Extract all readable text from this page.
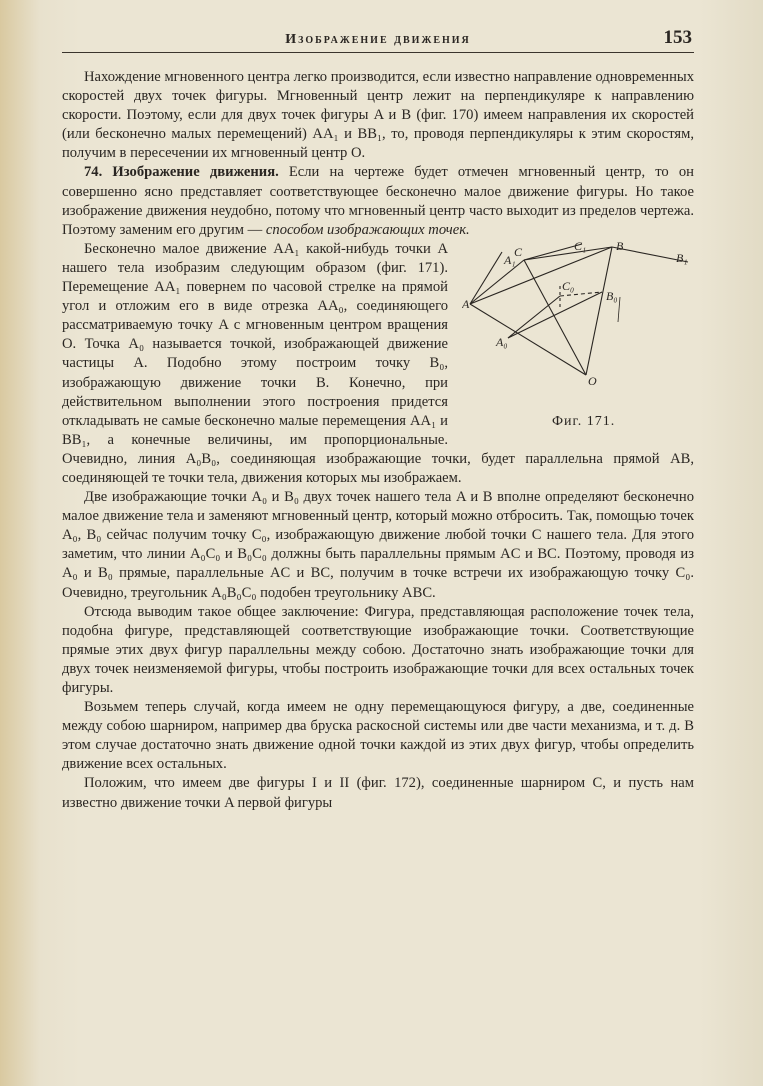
Изображение движения	153

Нахождение мгновенного центра легко производится, если известно направление одновременных скоростей двух точек фигуры. Мгновенный центр лежит на перпендикуляре к направлению скорости. Поэтому, если для двух точек фигуры A и B (фиг. 170) имеем направления их скоростей (или бесконечно малых перемещений) AA₁ и BB₁, то, проводя перпендикуляры к этим скоростям, получим в пересечении их мгновенный центр O.

74. Изображение движения. Если на чертеже будет отмечен мгновенный центр, то он совершенно ясно представляет соответствующее бесконечно малое движение фигуры. Но такое изображение движения неудобно, потому что мгновенный центр часто выходит из пределов чертежа. Поэтому заменим его другим — способом изображающих точек.

A
A₁
A₀
B
B₁
B₀
C	C₁
C₀
O
Фиг. 171.

Бесконечно малое движение AA₁ какой-нибудь точки A нашего тела изобразим следующим образом (фиг. 171). Перемещение AA₁ повернем по часовой стрелке на прямой угол и отложим его в виде отрезка AA₀, соединяющего рассматриваемую точку A с мгновенным центром вращения O. Точка A₀ называется точкой, изображающей движение частицы A. Подобно этому построим точку B₀, изображающую движение точки B. Конечно, при действительном выполнении этого построения придется откладывать не самые бесконечно малые перемещения AA₁ и BB₁, а конечные величины, им пропорциональные. Очевидно, линия A₀B₀, соединяющая изображающие точки, будет параллельна прямой AB, соединяющей те точки тела, движения которых мы изображаем.

Две изображающие точки A₀ и B₀ двух точек нашего тела A и B вполне определяют бесконечно малое движение тела и заменяют мгновенный центр, который можно отбросить. Так, помощью точек A₀, B₀ сейчас получим точку C₀, изображающую движение любой точки C нашего тела. Для этого заметим, что линии A₀C₀ и B₀C₀ должны быть параллельны прямым AC и BC. Поэтому, проводя из A₀ и B₀ прямые, параллельные AC и BC, получим в точке встречи их изображающую точку C₀. Очевидно, треугольник A₀B₀C₀ подобен треугольнику ABC.

Отсюда выводим такое общее заключение: Фигура, представляющая расположение точек тела, подобна фигуре, представляющей соответствующие изображающие точки. Соответствующие прямые этих двух фигур параллельны между собою. Достаточно знать изображающие точки для двух точек неизменяемой фигуры, чтобы построить изображающие точки для всех остальных точек фигуры.

Возьмем теперь случай, когда имеем не одну перемещающуюся фигуру, а две, соединенные между собою шарниром, например два бруска раскосной системы или две части механизма, и т. д. В этом случае достаточно знать движение одной точки каждой из этих двух фигур, чтобы определить движение всех остальных.

Положим, что имеем две фигуры I и II (фиг. 172), соединенные шарниром C, и пусть нам известно движение точки A первой фигуры
